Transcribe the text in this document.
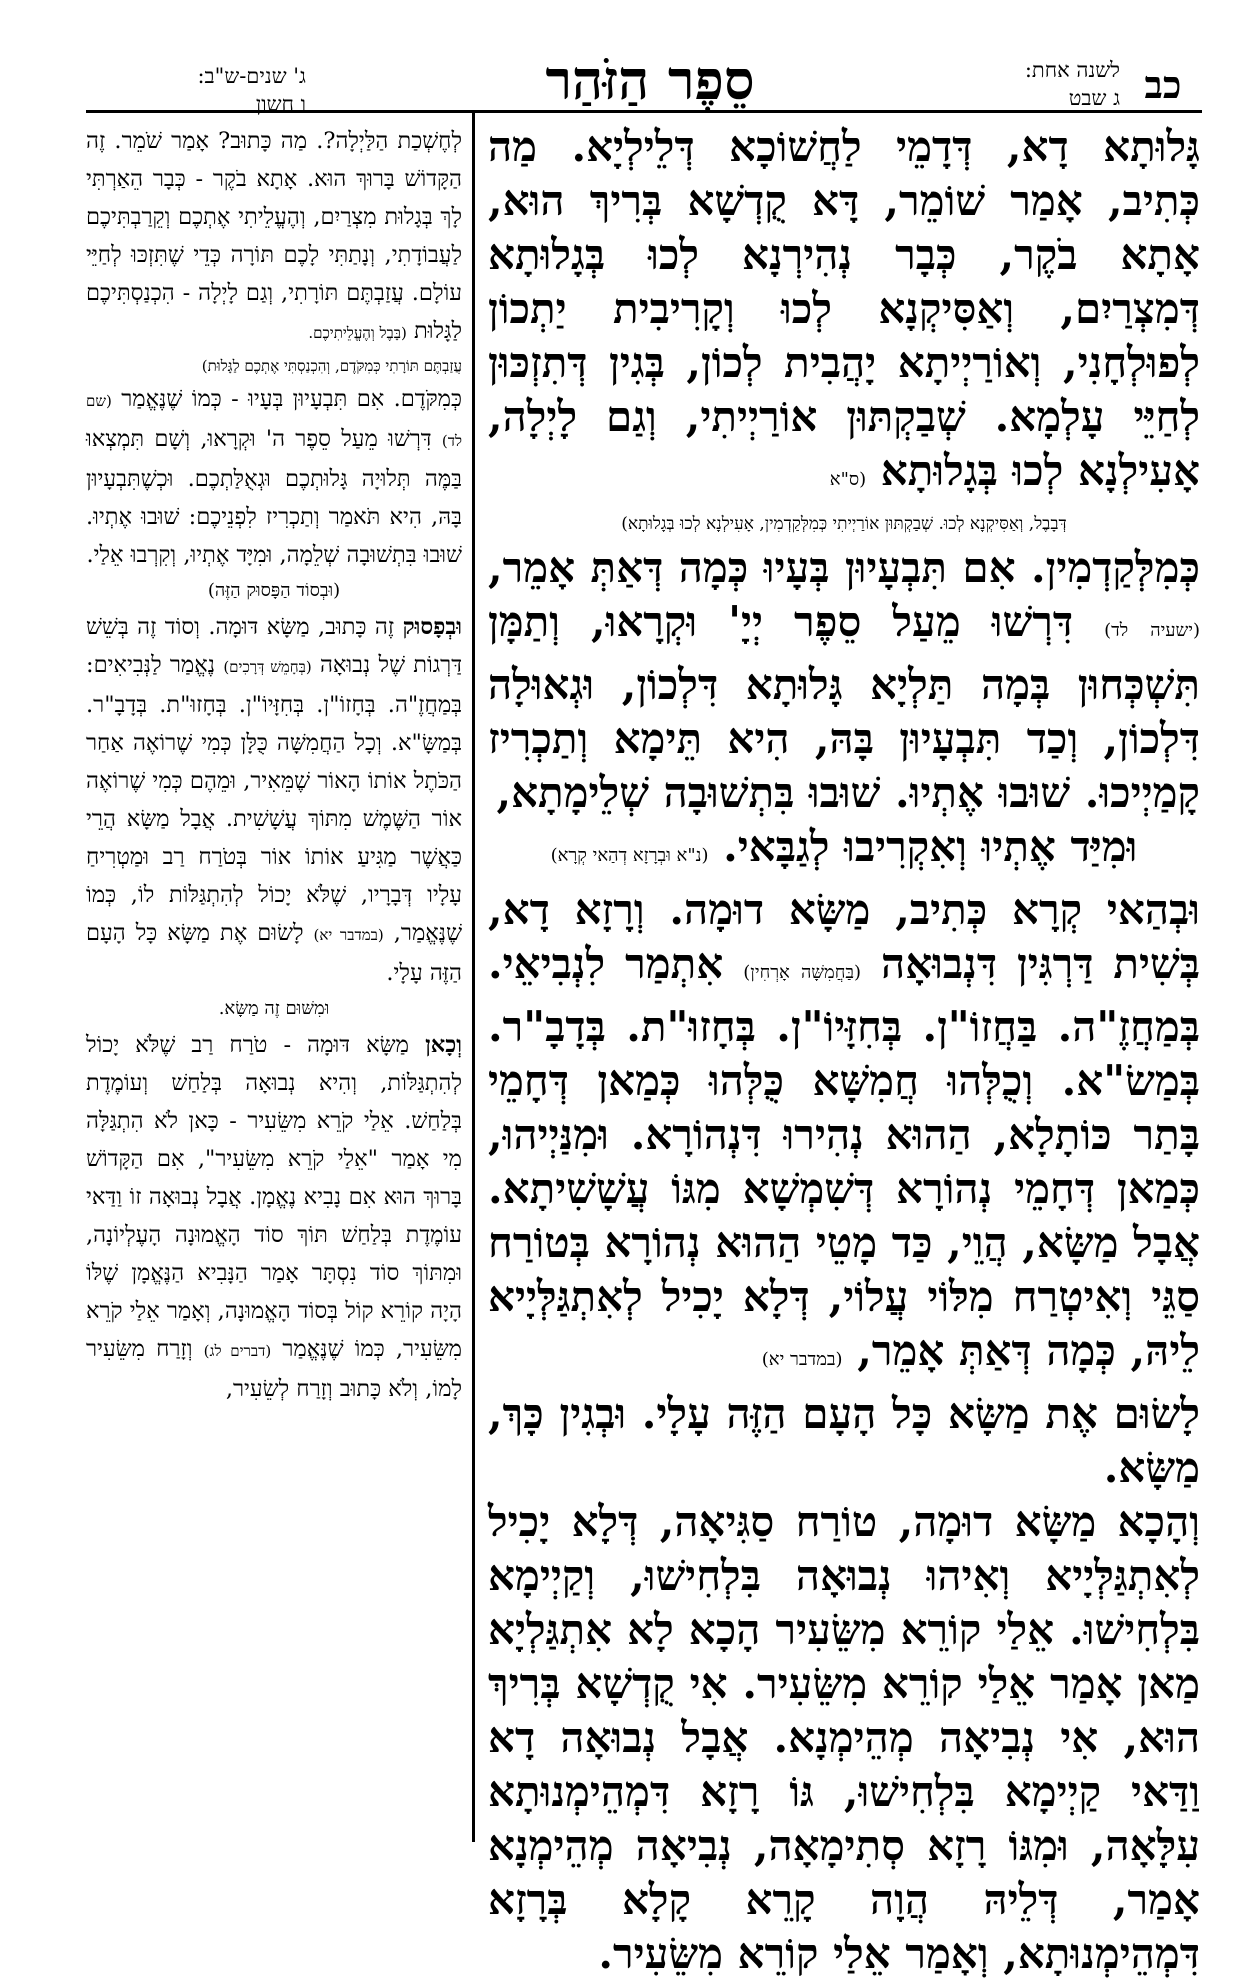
כב
לשנה אחת:
ג שבט
סֵפֶר הַזֹּהַר
ג' שנים-ש"ב:
ו חשון

גָּלוּתָא דָא, דְּדָמֵי לַחֲשׁוֹכָא דְּלֵילְיָא. מַה כְּתִיב, אָמַר שׁוֹמֵר, דָּא קֻדְשָׁא בְּרִיךְ הוּא, אָתָא בֹקֶר, כְּבָר נְהִירְנָא לְכוּ בְּגָלוּתָא דְּמִצְרַיִם, וְאַסִּיקְנָא לְכוּ וְקָרִיבִית יַתְכוֹן לְפוּלְחָנִי, וְאוֹרַיְיתָא יָהֲבִית לְכוֹן, בְּגִין דְּתִזְכּוּן לְחַיֵּי עָלְמָא. שְׁבַקְתּוּן אוֹרַיְיתִי, וְגַם לָיְלָה, אָעִילְנָא לְכוּ בְּגָלוּתָא (ס"א

דְּבָבֶל, וְאַסִּיקְנָא לְכוּ. שְׁבַקְתּוּן אוֹרַיְיתִי כְּמִלְּקַדְמִין, אָעִילְנָא לְכוּ בְּגָלוּתָא)

כְּמִלְּקַדְמִין. אִם תִּבְעָיוּן בְּעָיוּ כְּמָה דְּאַתְּ אָמֵר, (ישעיה לד) דִּרְשׁוּ מֵעַל סֵפֶר יְיָ' וּקְרָאוּ, וְתַמָּן תִּשְׁכְּחוּן בְּמָה תַּלְיָא גָּלוּתָא דִּלְכוֹן, וּגְאוּלָה דִּלְכוֹן, וְכַד תִּבְעָיוּן בָּהּ, הִיא תֵּימָא וְתַכְרִיז קָמַיְיכוּ. שׁוּבוּ אֶתְיוּ. שׁוּבוּ בִּתְשׁוּבָה שְׁלֵימָתָא,

וּמִיַּד אֶתְיוּ וְאִקְרִיבוּ לְגַבָּאי. (נ"א וּבְרָזָא דְהַאי קְרָא)

וּבְהַאי קְרָא כְּתִיב, מַשָּׂא דוּמָה. וְרָזָא דָא, בְּשִׁית דַּרְגִּין דִּנְבוּאָה (בַּחֲמִשָּׁה אָרְחִין) אִתְמַר לִנְבִיאֵי. בְּמַחֲזֶ"ה. בַּחֲזוֹ"ן. בְּחִזָּיוֹ"ן. בְּחָזוּ"ת. בְּדָבָ"ר. בְּמַשׂ"א. וְכֻלְּהוּ חֲמִשָּׁא כֻּלְּהוּ כְּמַאן דְּחָמֵי בָּתַר כּוֹתָלָא, הַהוּא נְהִירוּ דִּנְהוֹרָא. וּמִנַּיְיהוּ, כְּמַאן דְּחָמֵי נְהוֹרָא דְּשִׁמְשָׁא מִגּוֹ עֲשָׁשִׁיתָא. אֲבָל מַשָּׂא, הֲוֵי, כַּד מָטֵי הַהוּא נְהוֹרָא בְּטוֹרַח סַגֵּי וְאִיטְרַח מִלּוֹי עֲלוֹי, דְּלָא יָכִיל לְאִתְגַּלְּיָיא לֵיהּ, כְּמָה דְּאַתְּ אָמֵר, (במדבר יא)

לָשׂוּם אֶת מַשָּׂא כָּל הָעָם הַזֶּה עָלָי. וּבְגִין כָּךְ, מַשָּׂא.

וְהָכָא מַשָּׂא דוּמָה, טוֹרַח סַגִּיאָה, דְּלָא יָכִיל לְאִתְגַּלְּיָיא וְאִיהוּ נְבוּאָה בִּלְחִישׁוּ, וְקַיְימָא בִּלְחִישׁוּ. אֵלַי קוֹרֵא מִשֵּׂעִיר הָכָא לָא אִתְגַּלְיָא מַאן אָמַר אֵלַי קוֹרֵא מִשֵּׂעִיר. אִי קֻדְשָׁא בְּרִיךְ הוּא, אִי נְבִיאָה מְהֵימְנָא. אֲבָל נְבוּאָה דָא וַדַּאי קַיְימָא בִּלְחִישׁוּ, גּוֹ רָזָא דִּמְהֵימְנוּתָא עִלָּאָה, וּמִגּוֹ רָזָא סְתִימָאָה, נְבִיאָה מְהֵימְנָא אָמַר, דְּלֵיהּ הֲוָה קָרֵא קָלָא בְּרָזָא דִּמְהֵימְנוּתָא, וְאָמַר אֵלַי קוֹרֵא מִשֵּׂעִיר.

לְחֶשְׁכַת הַלַּיְלָה?. מַה כָּתוּב? אָמַר שֹׁמֵר. זֶה הַקָּדוֹשׁ בָּרוּךְ הוּא. אָתָא בֹקֶר - כְּבָר הֵאַרְתִּי לָךְ בְּגָלוּת מִצְרַיִם, וְהֶעֱלֵיתִי אֶתְכֶם וְקֵרַבְתִּיכֶם לַעֲבוֹדָתִי, וְנָתַתִּי לָכֶם תּוֹרָה כְּדֵי שֶׁתִּזְכּוּ לְחַיֵּי עוֹלָם. עֲזַבְתֶּם תּוֹרָתִי, וְגַם לָיְלָה - הִכְנַסְתִּיכֶם לַגָּלוּת (בָּבֶל וְהֶעֱלֵיתִיכֶם.

עֲזַבְתֶּם תּוֹרָתִי כְּמִקֹּדֶם, וְהִכְנַסְתִּי אֶתְכֶם לַגָּלוּת)

כְּמִקֹּדֶם. אִם תִּבְעָיוּן בְּעָיוּ - כְּמוֹ שֶׁנֶּאֱמַר (שם לד) דִּרְשׁוּ מֵעַל סֵפֶר ה' וּקְרָאוּ, וְשָׁם תִּמְצְאוּ בַּמֶּה תְּלוּיָה גָּלוּתְכֶם וּגְאֻלַּתְכֶם. וּכְשֶׁתִּבְעָיוּן בָּהּ, הִיא תֹּאמַר וְתַכְרִיז לִפְנֵיכֶם: שׁוּבוּ אֶתְיוּ. שׁוּבוּ בִּתְשׁוּבָה שְׁלֵמָה, וּמִיָּד אֶתְיוּ, וְקִרְבוּ אֵלַי.

(וּבְסוֹד הַפָּסוּק הַזֶּה)

וּבְפָסוּק זֶה כָּתוּב, מַשָּׂא דּוּמָה. וְסוֹד זֶה בְּשֵׁשׁ דַּרְגוֹת שֶׁל נְבוּאָה (בְּחָמֵשׁ דְּרָכִים) נֶאֱמַר לַנְּבִיאִים: בְּמַחֲזֶ"ה. בְּחָזוֹ"ן. בְּחִזָּיוֹ"ן. בְּחָזוּ"ת. בְּדָבָ"ר. בְּמַשָּׂ"א. וְכָל הַחֲמִשָּׁה כֻּלָּן כְּמִי שֶׁרוֹאֶה אַחַר הַכֹּתֶל אוֹתוֹ הָאוֹר שֶׁמֵּאִיר, וּמֵהֶם כְּמִי שֶׁרוֹאֶה אוֹר הַשֶּׁמֶשׁ מִתּוֹךְ עֲשָׁשִׁית. אֲבָל מַשָּׂא הֲרֵי כַּאֲשֶׁר מַגִּיעַ אוֹתוֹ אוֹר בְּטֹרַח רַב וּמַטְרִיחַ עָלָיו דְּבָרָיו, שֶׁלֹּא יָכוֹל לְהִתְגַּלּוֹת לוֹ, כְּמוֹ שֶׁנֶּאֱמַר, (במדבר יא) לָשׂוּם אֶת מַשָּׂא כָּל הָעָם הַזֶּה עָלָי.

וּמִשּׁוּם זֶה מַשָּׂא.

וְכָאן מַשָּׂא דּוּמָה - טֹרַח רַב שֶׁלֹּא יָכוֹל לְהִתְגַּלּוֹת, וְהִיא נְבוּאָה בְּלַחַשׁ וְעוֹמֶדֶת בְּלַחַשׁ. אֵלַי קֹרֵא מִשֵּׂעִיר - כָּאן לֹא הִתְגַּלָּה מִי אָמַר "אֵלַי קֹרֵא מִשֵּׂעִיר", אִם הַקָּדוֹשׁ בָּרוּךְ הוּא אִם נָבִיא נֶאֱמָן. אֲבָל נְבוּאָה זוֹ וַדַּאי עוֹמֶדֶת בְּלַחַשׁ תּוֹךְ סוֹד הָאֱמוּנָה הָעֶלְיוֹנָה, וּמִתּוֹךְ סוֹד נִסְתָּר אָמַר הַנָּבִיא הַנֶּאֱמָן שֶׁלּוֹ הָיָה קוֹרֵא קוֹל בְּסוֹד הָאֱמוּנָה, וְאָמַר אֵלַי קֹרֵא מִשֵּׂעִיר, כְּמוֹ שֶׁנֶּאֱמַר (דברים לג) וְזָרַח מִשֵּׂעִיר לָמוֹ, וְלֹא כָּתוּב וְזָרַח לְשֵׂעִיר,
